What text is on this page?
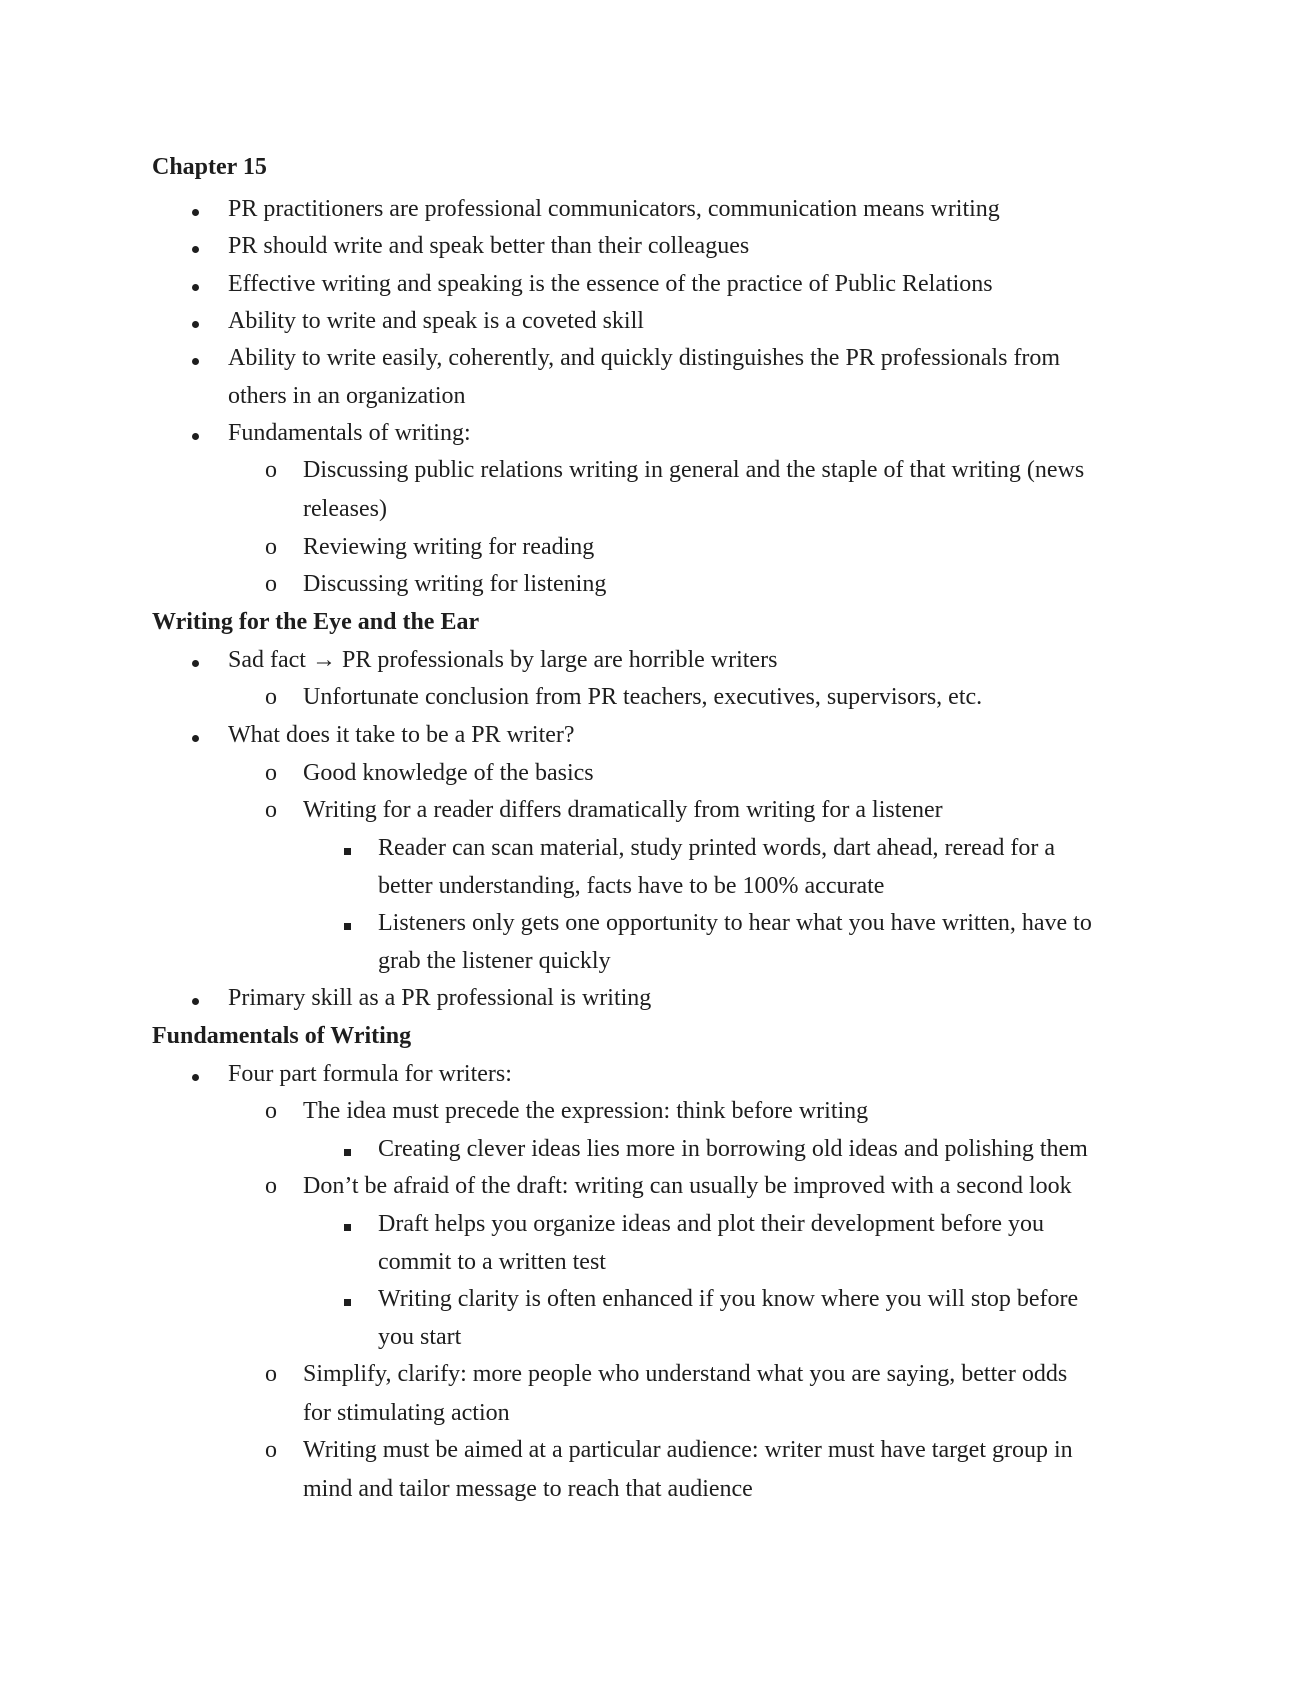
Chapter 15
PR practitioners are professional communicators, communication means writing
PR should write and speak better than their colleagues
Effective writing and speaking is the essence of the practice of Public Relations
Ability to write and speak is a coveted skill
Ability to write easily, coherently, and quickly distinguishes the PR professionals from
others in an organization
Fundamentals of writing:
o Discussing public relations writing in general and the staple of that writing (news
releases)
o Reviewing writing for reading
o Discussing writing for listening
Writing for the Eye and the Ear
Sad fact → PR professionals by large are horrible writers
o Unfortunate conclusion from PR teachers, executives, supervisors, etc.
What does it take to be a PR writer?
o Good knowledge of the basics
o Writing for a reader differs dramatically from writing for a listener
Reader can scan material, study printed words, dart ahead, reread for a
better understanding, facts have to be 100% accurate
Listeners only gets one opportunity to hear what you have written, have to
grab the listener quickly
Primary skill as a PR professional is writing
Fundamentals of Writing
Four part formula for writers:
o The idea must precede the expression: think before writing
Creating clever ideas lies more in borrowing old ideas and polishing them
o Don’t be afraid of the draft: writing can usually be improved with a second look
Draft helps you organize ideas and plot their development before you
commit to a written test
Writing clarity is often enhanced if you know where you will stop before
you start
o Simplify, clarify: more people who understand what you are saying, better odds
for stimulating action
o Writing must be aimed at a particular audience: writer must have target group in
mind and tailor message to reach that audience
